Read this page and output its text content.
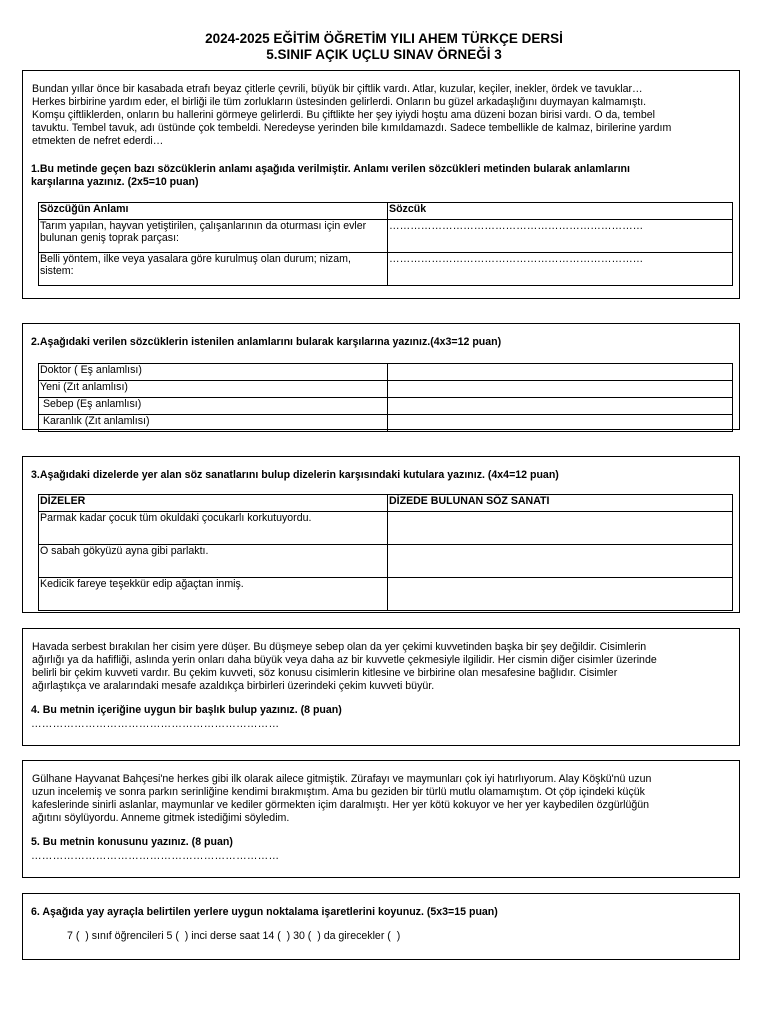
2024-2025 EĞİTİM ÖĞRETİM YILI AHEM TÜRKÇE DERSİ
5.SINIF AÇIK UÇLU SINAV ÖRNEĞİ 3
Bundan yıllar önce bir kasabada etrafı beyaz çitlerle çevrili, büyük bir çiftlik vardı. Atlar, kuzular, keçiler, inekler, ördek ve tavuklar…
Herkes birbirine yardım eder, el birliği ile tüm zorlukların üstesinden gelirlerdi. Onların bu güzel arkadaşlığını duymayan kalmamıştı.
Komşu çiftliklerden, onların bu hallerini görmeye gelirlerdi. Bu çiftlikte her şey iyiydi hoştu ama düzeni bozan birisi vardı. O da, tembel
tavuktu. Tembel tavuk, adı üstünde çok tembeldi. Neredeyse yerinden bile kımıldamazdı. Sadece tembellikle de kalmaz, birilerine yardım
etmekten de nefret ederdi…
1.Bu metinde geçen bazı sözcüklerin anlamı aşağıda verilmiştir. Anlamı verilen sözcükleri metinden bularak anlamlarını
karşılarına yazınız. (2x5=10 puan)
Sözcüğün Anlamı	Sözcük
Tarım yapılan, hayvan yetiştirilen, çalışanlarının da oturması için evler bulunan geniş toprak parçası:	………………………………………………………………
Belli yöntem, ilke veya yasalara göre kurulmuş olan durum; nizam, sistem:	………………………………………………………………
2.Aşağıdaki verilen sözcüklerin istenilen anlamlarını bularak karşılarına yazınız.(4x3=12 puan)
Doktor ( Eş anlamlısı)	
Yeni (Zıt anlamlısı)	
Sebep (Eş anlamlısı)	
Karanlık (Zıt anlamlısı)	
3.Aşağıdaki dizelerde yer alan söz sanatlarını bulup dizelerin karşısındaki kutulara yazınız. (4x4=12 puan)
DİZELER	DİZEDE BULUNAN SÖZ SANATI
Parmak kadar çocuk tüm okuldaki çocukarlı korkutuyordu.	
O sabah gökyüzü ayna gibi parlaktı.	
Kedicik fareye teşekkür edip ağaçtan inmiş.	
Havada serbest bırakılan her cisim yere düşer. Bu düşmeye sebep olan da yer çekimi kuvvetinden başka bir şey değildir. Cisimlerin
ağırlığı ya da hafifliği, aslında yerin onları daha büyük veya daha az bir kuvvetle çekmesiyle ilgilidir. Her cismin diğer cisimler üzerinde
belirli bir çekim kuvveti vardır. Bu çekim kuvveti, söz konusu cisimlerin kitlesine ve birbirine olan mesafesine bağlıdır. Cisimler
ağırlaştıkça ve aralarındaki mesafe azaldıkça birbirleri üzerindeki çekim kuvveti büyür.
4. Bu metnin içeriğine uygun bir başlık bulup yazınız. (8 puan)
……………………………………………………………
Gülhane Hayvanat Bahçesi'ne herkes gibi ilk olarak ailece gitmiştik. Zürafayı ve maymunları çok iyi hatırlıyorum. Alay Köşkü'nü uzun
uzun incelemiş ve sonra parkın serinliğine kendimi bırakmıştım. Ama bu geziden bir türlü mutlu olamamıştım. Ot çöp içindeki küçük
kafeslerinde sinirli aslanlar, maymunlar ve kediler görmekten içim daralmıştı. Her yer kötü kokuyor ve her yer kaybedilen özgürlüğün
ağıtını söylüyordu. Anneme gitmek istediğimi söyledim.
5. Bu metnin konusunu yazınız. (8 puan)
……………………………………………………………
6. Aşağıda yay ayraçla belirtilen yerlere uygun noktalama işaretlerini koyunuz. (5x3=15 puan)
7 (  ) sınıf öğrencileri 5 (  ) inci derse saat 14 (  ) 30 (  ) da girecekler (  )
